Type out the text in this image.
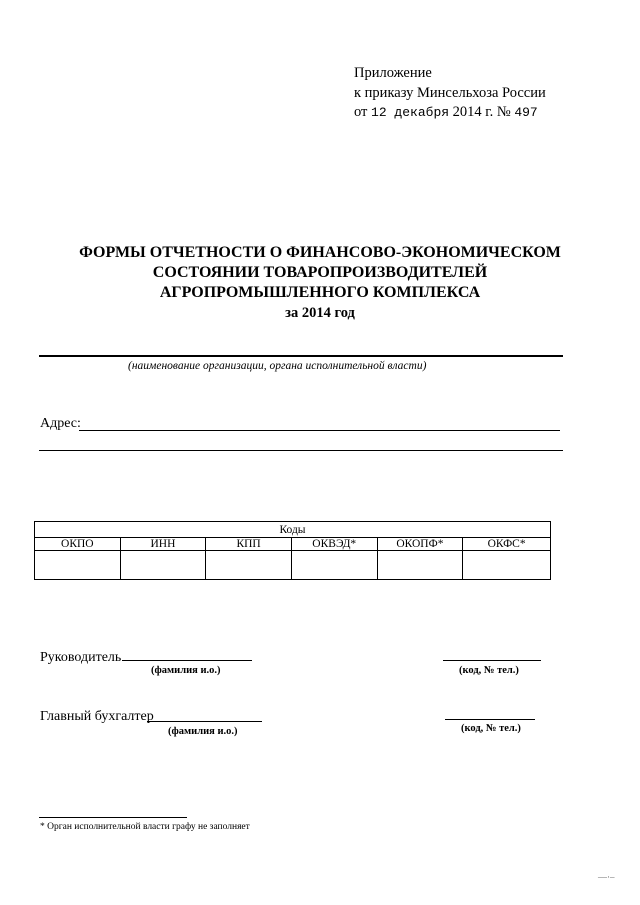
Приложение
к приказу Минсельхоза России
от 12 декабря 2014 г. № 497
ФОРМЫ ОТЧЕТНОСТИ О ФИНАНСОВО-ЭКОНОМИЧЕСКОМ
СОСТОЯНИИ ТОВАРОПРОИЗВОДИТЕЛЕЙ
АГРОПРОМЫШЛЕННОГО КОМПЛЕКСА
за 2014 год
(наименование организации, органа исполнительной власти)
Адрес:
Коды					
ОКПО	ИНН	КПП	ОКВЭД*	ОКОПФ*	ОКФС*

Руководитель
(фамилия и.о.)	(код, № тел.)
Главный бухгалтер
(фамилия и.о.)	(код, № тел.)
* Орган исполнительной власти графу не заполняет
—·–
